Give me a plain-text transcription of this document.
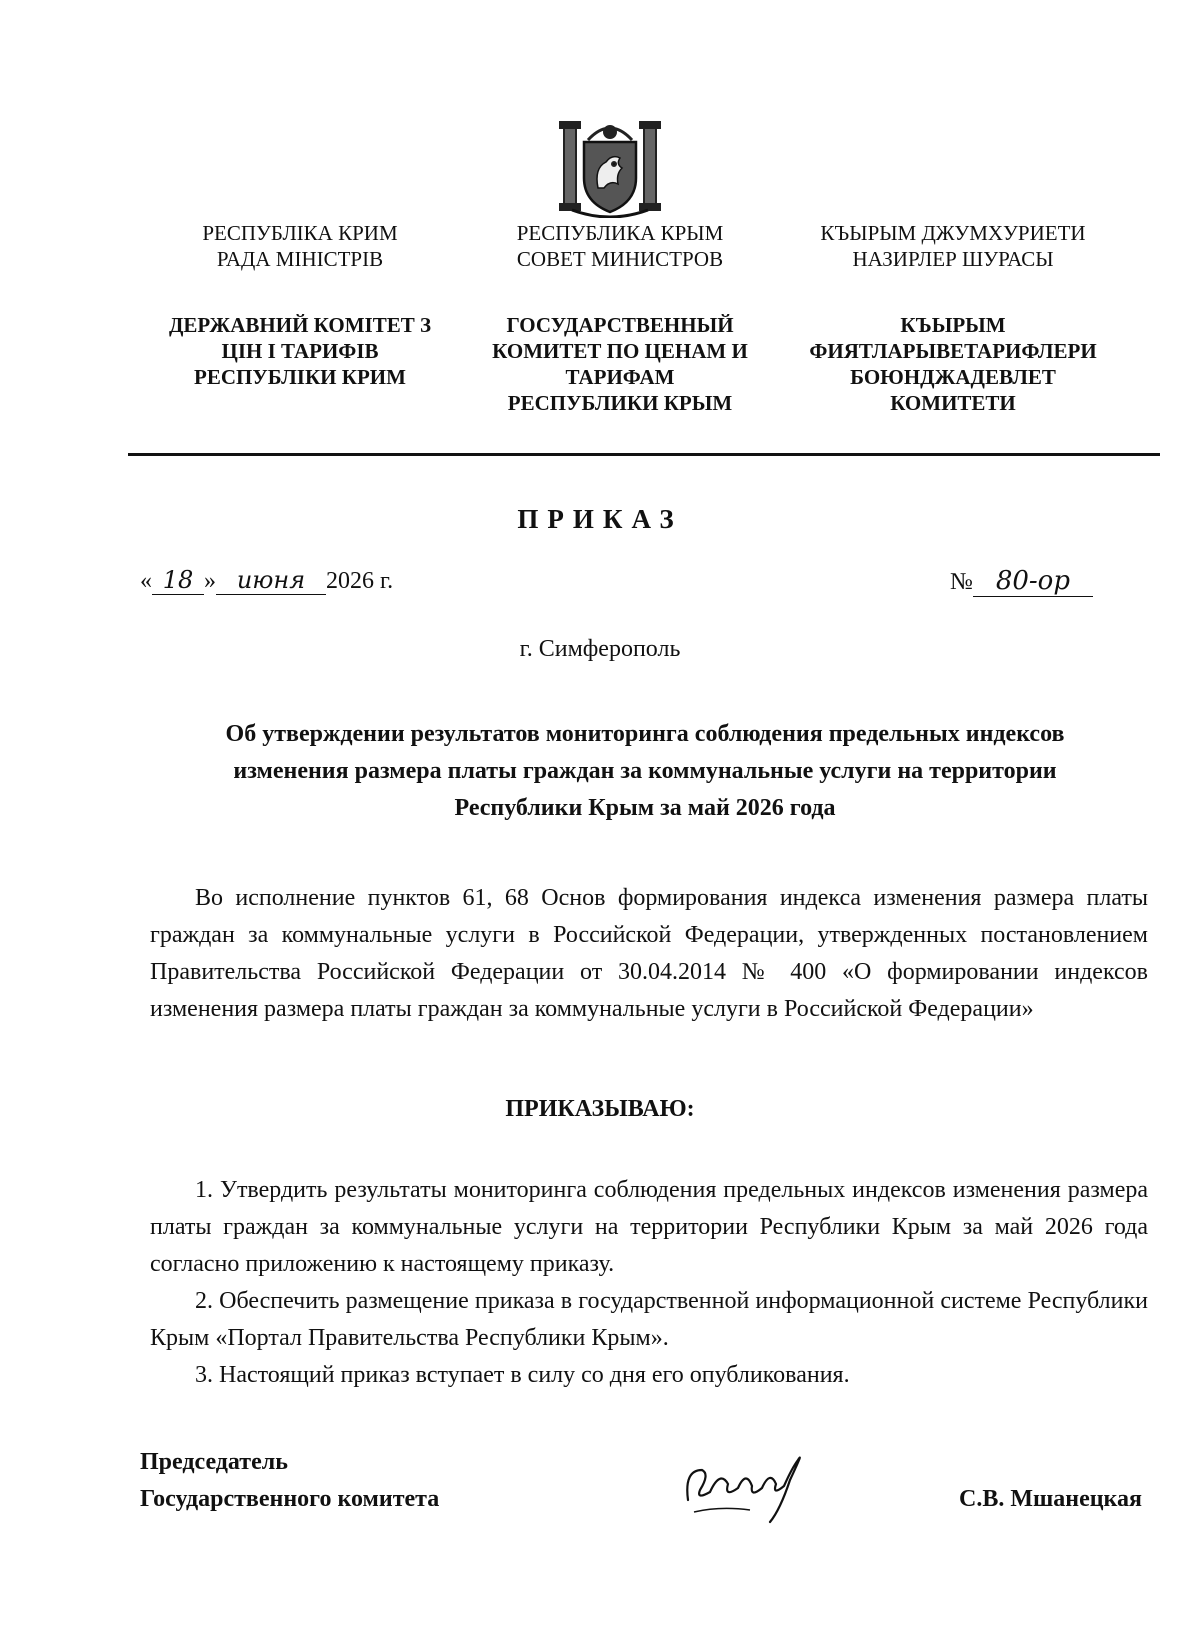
РЕСПУБЛІКА КРИМ
РАДА МІНІСТРІВ
РЕСПУБЛИКА КРЫМ
СОВЕТ МИНИСТРОВ
КЪЫРЫМ ДЖУМХУРИЕТИ
НАЗИРЛЕР ШУРАСЫ
ДЕРЖАВНИЙ КОМІТЕТ З
ЦІН І ТАРИФІВ
РЕСПУБЛІКИ КРИМ
ГОСУДАРСТВЕННЫЙ
КОМИТЕТ ПО ЦЕНАМ И
ТАРИФАМ
РЕСПУБЛИКИ КРЫМ
КЪЫРЫМ
ФИЯТЛАРЫВЕТАРИФЛЕРИ
БОЮНДЖАДЕВЛЕТ
КОМИТЕТИ
ПРИКАЗ
« 18 » июня 2026 г.	№ 80-ор
г. Симферополь
Об утверждении результатов мониторинга соблюдения предельных индексов изменения размера платы граждан за коммунальные услуги на территории Республики Крым за май 2026 года
Во исполнение пунктов 61, 68 Основ формирования индекса изменения размера платы граждан за коммунальные услуги в Российской Федерации, утвержденных постановлением Правительства Российской Федерации от 30.04.2014 № 400 «О формировании индексов изменения размера платы граждан за коммунальные услуги в Российской Федерации»
ПРИКАЗЫВАЮ:
1. Утвердить результаты мониторинга соблюдения предельных индексов изменения размера платы граждан за коммунальные услуги на территории Республики Крым за май 2026 года согласно приложению к настоящему приказу.
2. Обеспечить размещение приказа в государственной информационной системе Республики Крым «Портал Правительства Республики Крым».
3. Настоящий приказ вступает в силу со дня его опубликования.
Председатель
Государственного комитета	С.В. Мшанецкая
